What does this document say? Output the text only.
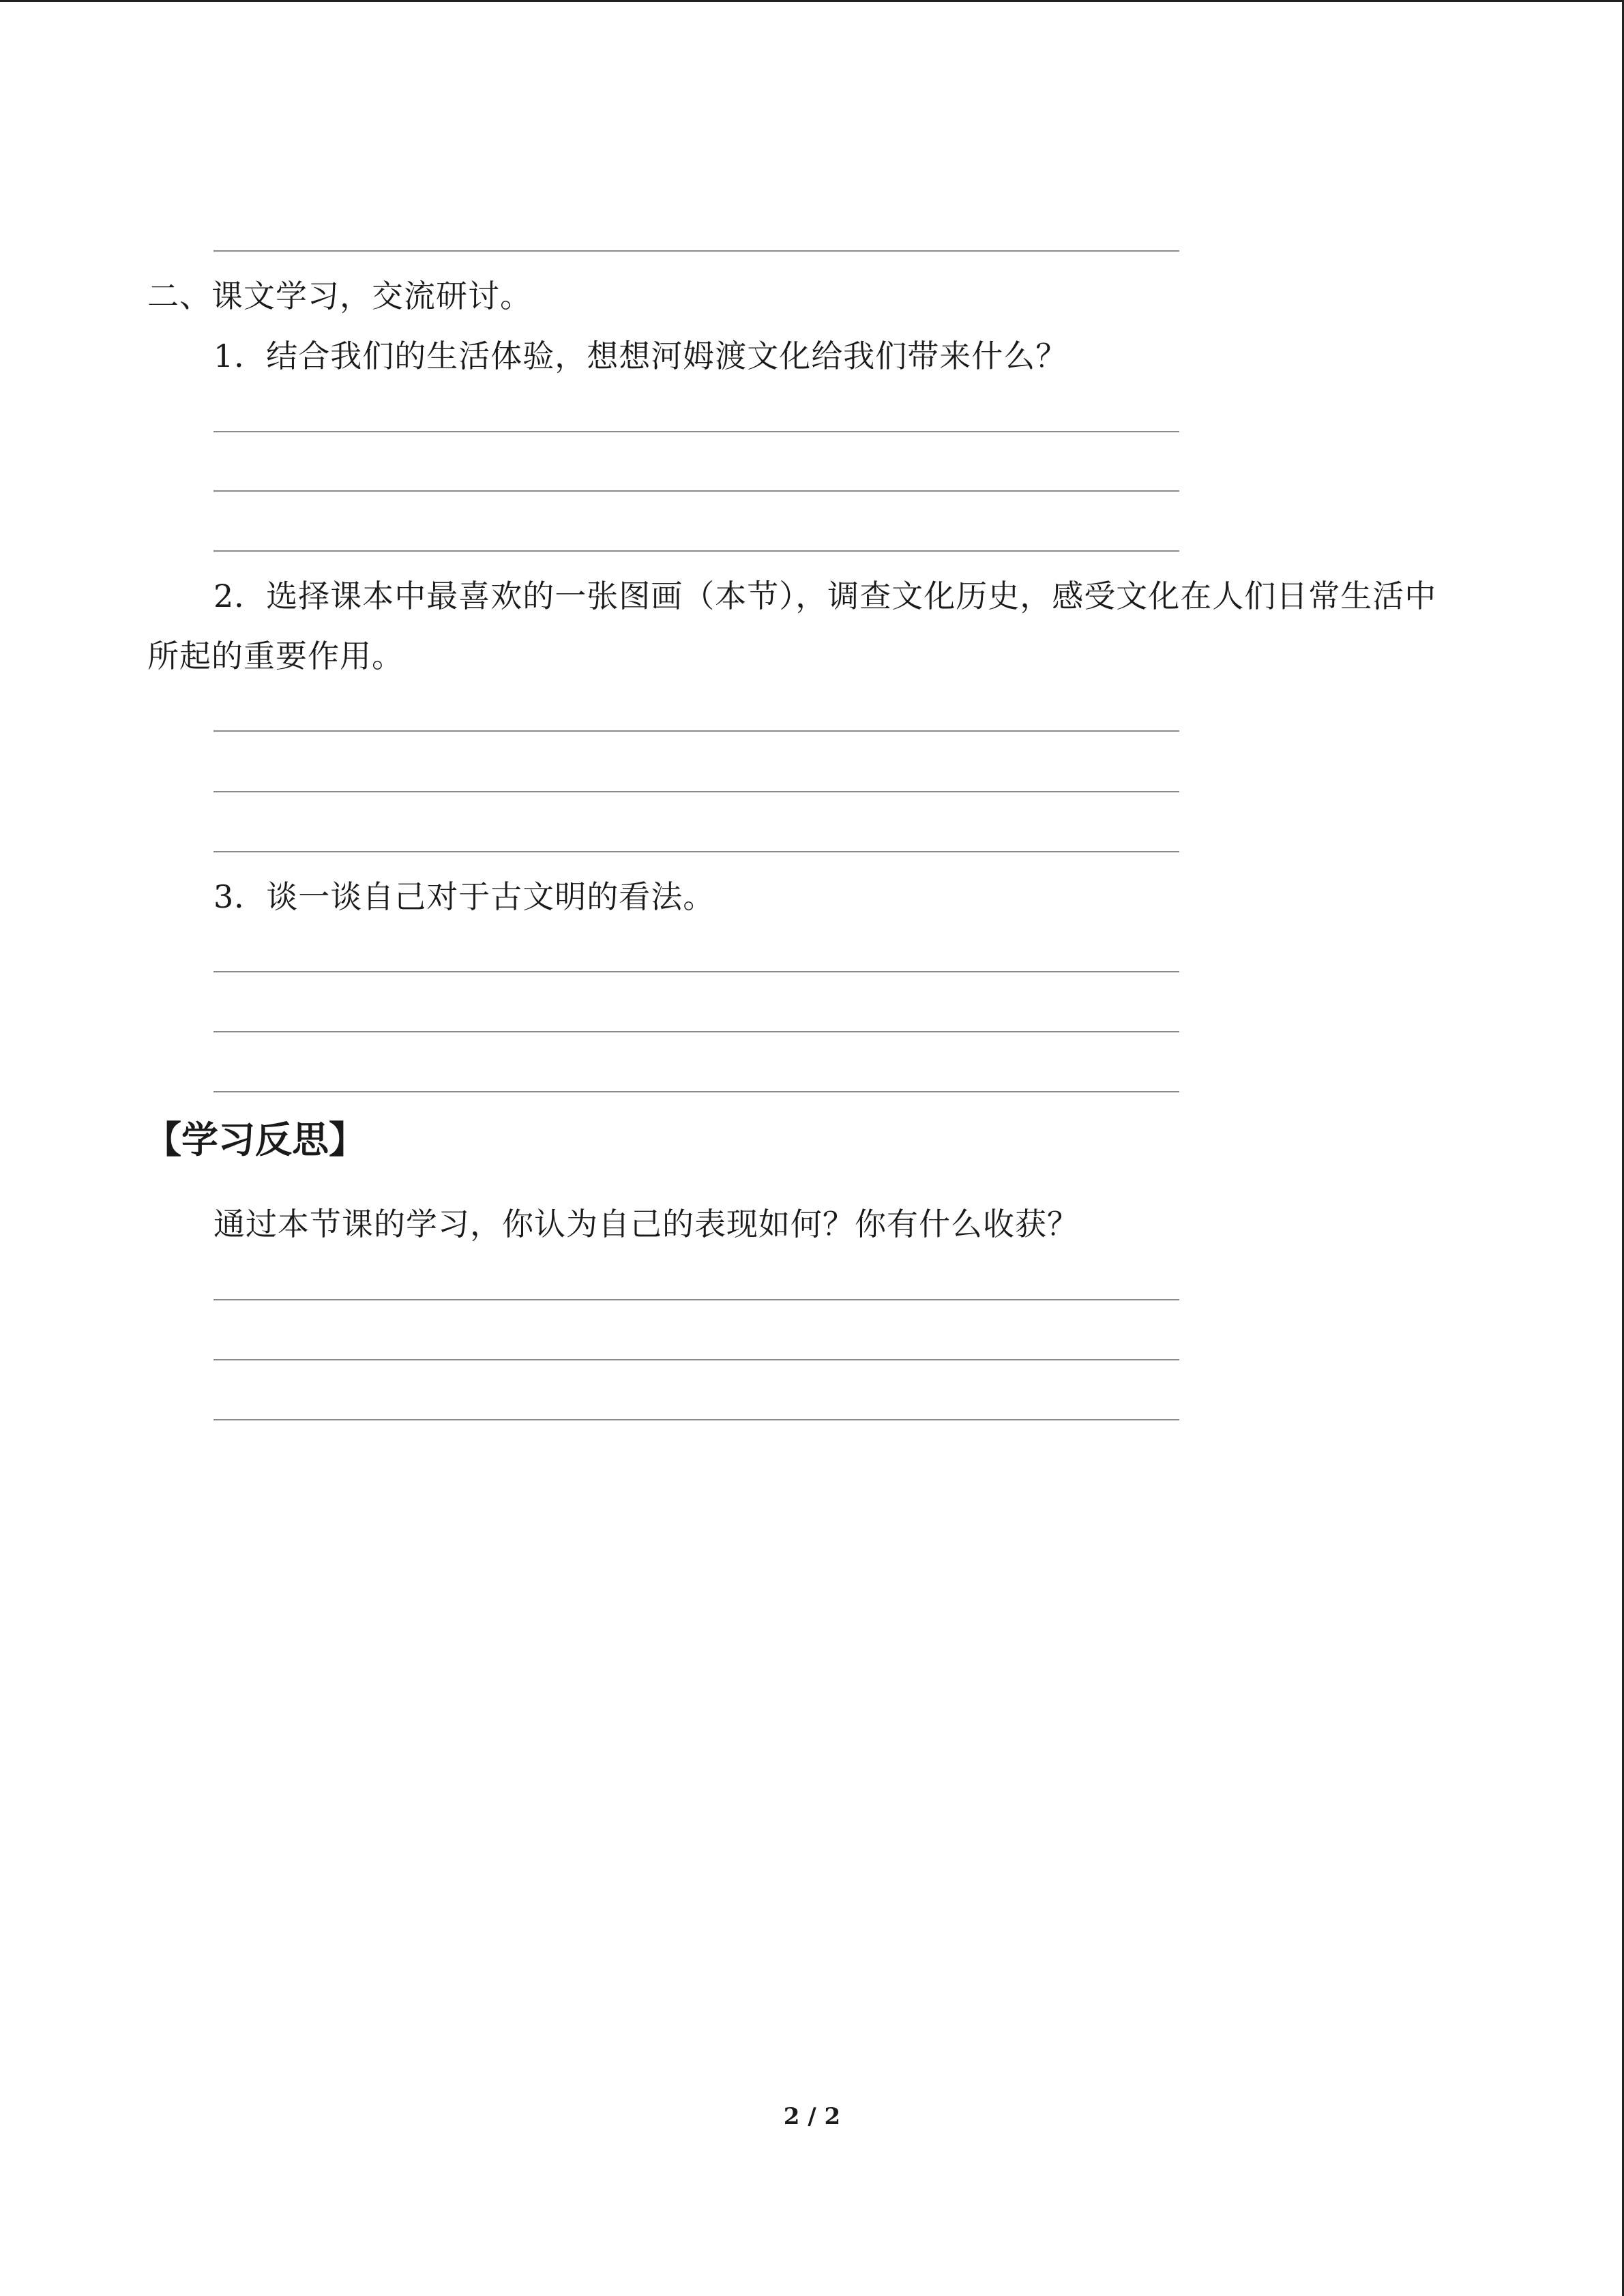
二、课文学习，交流研讨。
1．结合我们的生活体验，想想河姆渡文化给我们带来什么？
2．选择课本中最喜欢的一张图画（本节），调查文化历史，感受文化在人们日常生活中
所起的重要作用。
3．谈一谈自己对于古文明的看法。
【学习反思】
通过本节课的学习，你认为自己的表现如何？你有什么收获？
2 / 2
